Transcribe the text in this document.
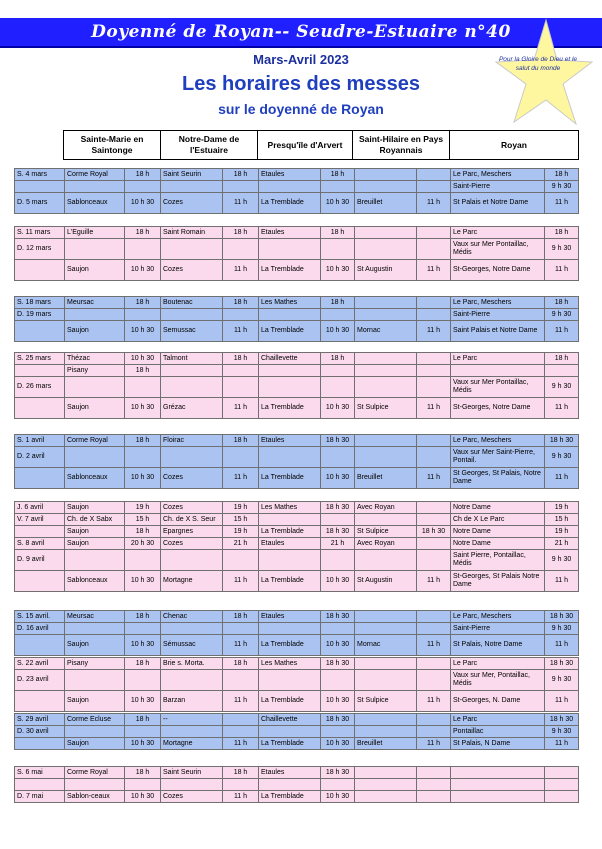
Doyenné de Royan-- Seudre-Estuaire n°40
Pour la Gloire de Dieu et le salut du monde
Mars-Avril 2023
Les horaires des messes
sur le doyenné de Royan
Sainte-Marie en Saintonge	Notre-Dame de l'Estuaire	Presqu'île d'Arvert	Saint-Hilaire en Pays Royannais	Royan
S. 4 mars	Corme Royal	18 h	Saint Seurin	18 h	Etaules	18 h			Le Parc, Meschers	18 h
									Saint-Pierre	9 h 30
D. 5 mars	Sablonceaux	10 h 30	Cozes	11 h	La Tremblade	10 h 30	Breuillet	11 h	St Palais et Notre Dame	11 h
S. 11 mars	L'Eguille	18 h	Saint Romain	18 h	Etaules	18 h			Le Parc	18 h
D. 12 mars									Vaux sur Mer Pontaillac, Médis	9 h 30
	Saujon	10 h 30	Cozes	11 h	La Tremblade	10 h 30	St Augustin	11 h	St-Georges, Notre Dame	11 h
S. 18 mars	Meursac	18 h	Boutenac	18 h	Les Mathes	18 h			Le Parc, Meschers	18 h
D. 19 mars									Saint-Pierre	9 h 30
	Saujon	10 h 30	Semussac	11 h	La Tremblade	10 h 30	Mornac	11 h	Saint Palais et Notre Dame	11 h
S. 25 mars	Thézac	10 h 30	Talmont	18 h	Chaillevette	18 h			Le Parc	18 h
	Pisany	18 h								
D. 26 mars									Vaux sur Mer Pontaillac, Médis	9 h 30
	Saujon	10 h 30	Grézac	11 h	La Tremblade	10 h 30	St Sulpice	11 h	St-Georges, Notre Dame	11 h
S. 1 avril	Corme Royal	18 h	Floirac	18 h	Etaules	18 h 30			Le Parc, Meschers	18 h 30
D. 2 avril									Vaux sur Mer Saint-Pierre, Pontail.	9 h 30
	Sablonceaux	10 h 30	Cozes	11 h	La Tremblade	10 h 30	Breuillet	11 h	St Georges, St Palais, Notre Dame	11 h
J. 6 avril	Saujon	19 h	Cozes	19 h	Les Mathes	18 h 30	Avec Royan		Notre Dame	19 h
V. 7 avril	Ch. de X Sabx	15 h	Ch. de X S. Seur	15 h					Ch de X Le Parc	15 h
	Saujon	18 h	Epargnes	19 h	La Tremblade	18 h 30	St Sulpice	18 h 30	Notre Dame	19 h
S. 8 avril	Saujon	20 h 30	Cozes	21 h	Etaules	21 h	Avec Royan		Notre Dame	21 h
D. 9 avril									Saint Pierre, Pontaillac, Médis	9 h 30
	Sablonceaux	10 h 30	Mortagne	11 h	La Tremblade	10 h 30	St Augustin	11 h	St-Georges, St Palais Notre Dame	11 h
S. 15 avril.	Meursac	18 h	Chenac	18 h	Etaules	18 h 30			Le Parc, Meschers	18 h 30
D. 16 avril									Saint-Pierre	9 h 30
	Saujon	10 h 30	Sémussac	11 h	La Tremblade	10 h 30	Mornac	11 h	St Palais, Notre Dame	11 h
S. 22 avril	Pisany	18 h	Brie s. Morta.	18 h	Les Mathes	18 h 30			Le Parc	18 h 30
D. 23 avril									Vaux sur Mer, Pontaillac, Médis	9 h 30
	Saujon	10 h 30	Barzan	11 h	La Tremblade	10 h 30	St Sulpice	11 h	St-Georges, N. Dame	11 h
S. 29 avril	Corme Ecluse	18 h	--		Chaillevette	18 h 30			Le Parc	18 h 30
D. 30 avril									Pontaillac	9 h 30
	Saujon	10 h 30	Mortagne	11 h	La Tremblade	10 h 30	Breuillet	11 h	St Palais, N Dame	11 h
S. 6 mai	Corme Royal	18 h	Saint Seurin	18 h	Etaules	18 h 30				

D. 7 mai	Sablon-ceaux	10 h 30	Cozes	11 h	La Tremblade	10 h 30				
